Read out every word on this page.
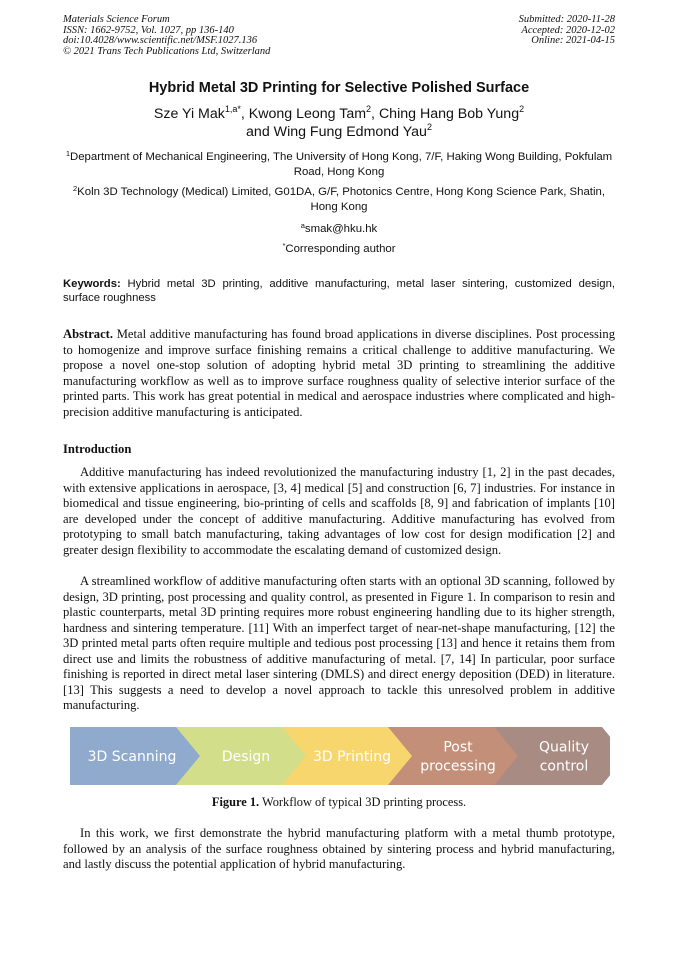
Materials Science Forum
ISSN: 1662-9752, Vol. 1027, pp 136-140
doi:10.4028/www.scientific.net/MSF.1027.136
© 2021 Trans Tech Publications Ltd, Switzerland
Submitted: 2020-11-28
Accepted: 2020-12-02
Online: 2021-04-15
Hybrid Metal 3D Printing for Selective Polished Surface
Sze Yi Mak$^{1,a*}$, Kwong Leong Tam$^2$, Ching Hang Bob Yung$^2$
and Wing Fung Edmond Yau$^2$
$^1$Department of Mechanical Engineering, The University of Hong Kong, 7/F, Haking Wong Building, Pokfulam Road, Hong Kong
$^2$Koln 3D Technology (Medical) Limited, G01DA, G/F, Photonics Centre, Hong Kong Science Park, Shatin, Hong Kong
$^a$smak@hku.hk
*Corresponding author
Keywords: Hybrid metal 3D printing, additive manufacturing, metal laser sintering, customized design, surface roughness
Abstract. Metal additive manufacturing has found broad applications in diverse disciplines. Post processing to homogenize and improve surface finishing remains a critical challenge to additive manufacturing. We propose a novel one-stop solution of adopting hybrid metal 3D printing to streamlining the additive manufacturing workflow as well as to improve surface roughness quality of selective interior surface of the printed parts. This work has great potential in medical and aerospace industries where complicated and high-precision additive manufacturing is anticipated.
Introduction
Additive manufacturing has indeed revolutionized the manufacturing industry [1, 2] in the past decades, with extensive applications in aerospace, [3, 4] medical [5] and construction [6, 7] industries. For instance in biomedical and tissue engineering, bio-printing of cells and scaffolds [8, 9] and fabrication of implants [10] are developed under the concept of additive manufacturing. Additive manufacturing has evolved from prototyping to small batch manufacturing, taking advantages of low cost for design modification [2] and greater design flexibility to accommodate the escalating demand of customized design.
A streamlined workflow of additive manufacturing often starts with an optional 3D scanning, followed by design, 3D printing, post processing and quality control, as presented in Figure 1. In comparison to resin and plastic counterparts, metal 3D printing requires more robust engineering handling due to its higher strength, hardness and sintering temperature. [11] With an imperfect target of near-net-shape manufacturing, [12] the 3D printed metal parts often require multiple and tedious post processing [13] and hence it retains them from direct use and limits the robustness of additive manufacturing of metal. [7, 14] In particular, poor surface finishing is reported in direct metal laser sintering (DMLS) and direct energy deposition (DED) in literature. [13] This suggests a need to develop a novel approach to tackle this unresolved problem in additive manufacturing.
3D Scanning	Design	3D Printing
Post
processing
Quality
control
Figure 1. Workflow of typical 3D printing process.
In this work, we first demonstrate the hybrid manufacturing platform with a metal thumb prototype, followed by an analysis of the surface roughness obtained by sintering process and hybrid manufacturing, and lastly discuss the potential application of hybrid manufacturing.
